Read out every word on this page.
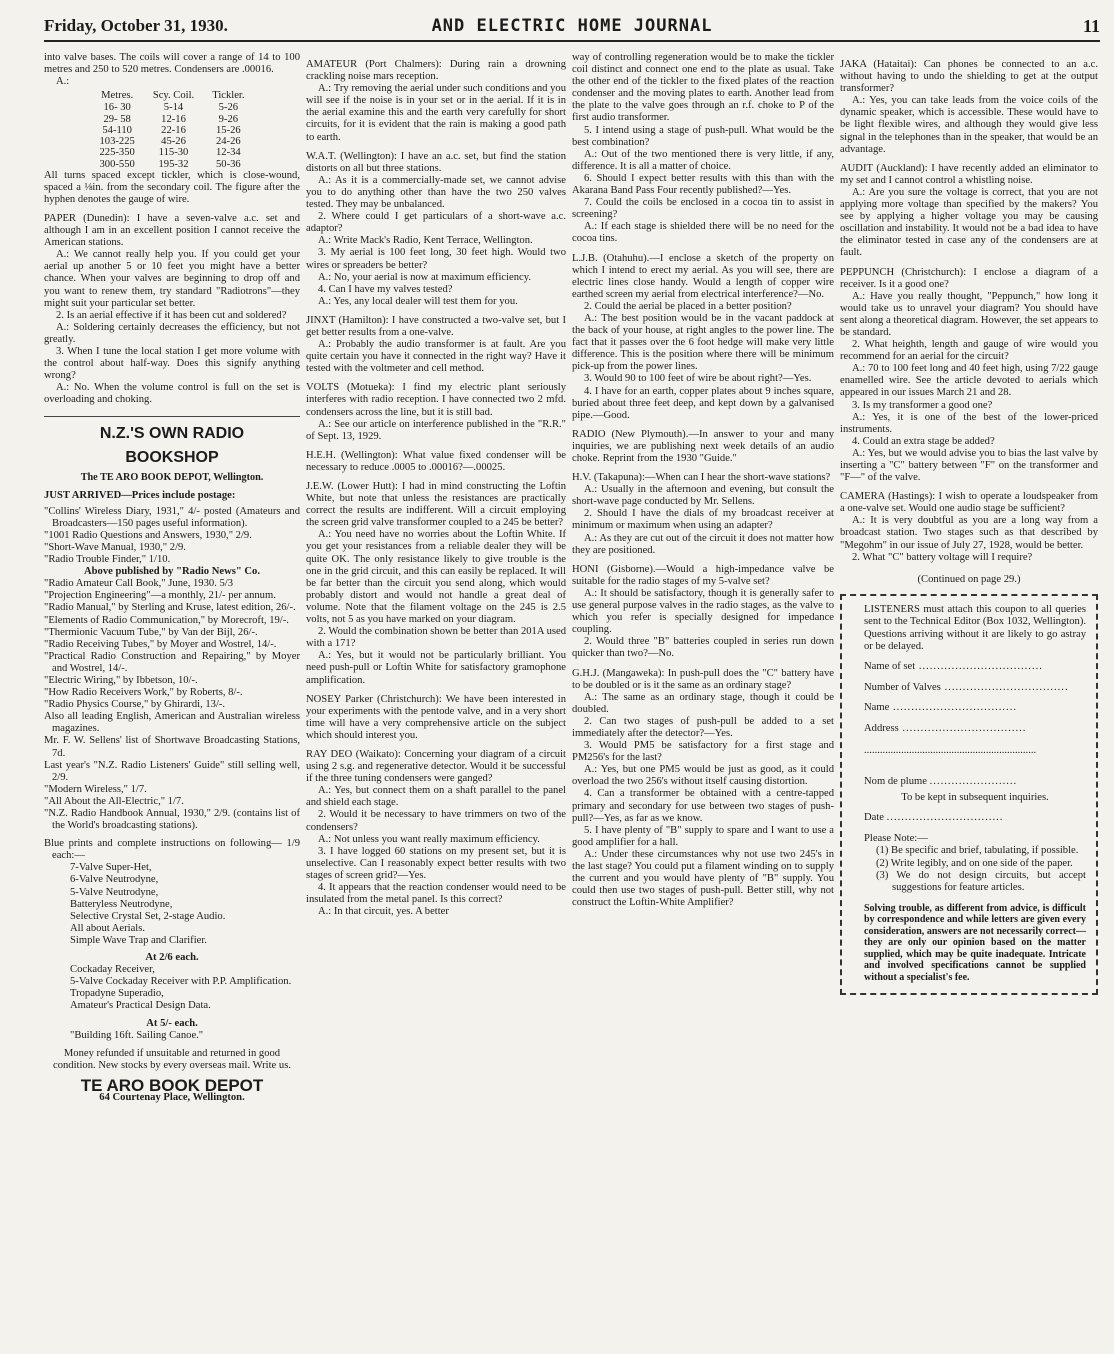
Friday, October 31, 1930.	AND ELECTRIC HOME JOURNAL	11

into valve bases. The coils will cover a range of 14 to 100 metres and 250 to 520 metres. Condensers are .00016.

A.:

Metres.	Scy. Coil.	Tickler.
16- 30	5-14	5-26
29- 58	12-16	9-26
54-110	22-16	15-26
103-225	45-26	24-26
225-350	115-30	12-34
300-550	195-32	50-36

All turns spaced except tickler, which is close-wound, spaced a ⅛in. from the secondary coil. The figure after the hyphen denotes the gauge of wire.

PAPER (Dunedin): I have a seven-valve a.c. set and although I am in an excellent position I cannot receive the American stations.

A.: We cannot really help you. If you could get your aerial up another 5 or 10 feet you might have a better chance. When your valves are beginning to drop off and you want to renew them, try standard "Radiotrons"—they might suit your particular set better.

2. Is an aerial effective if it has been cut and soldered?

A.: Soldering certainly decreases the efficiency, but not greatly.

3. When I tune the local station I get more volume with the control about half-way. Does this signify anything wrong?

A.: No. When the volume control is full on the set is overloading and choking.

N.Z.'S OWN RADIO
BOOKSHOP
The TE ARO BOOK DEPOT, Wellington.
JUST ARRIVED—Prices include postage:

"Collins' Wireless Diary, 1931," 4/- posted (Amateurs and Broadcasters—150 pages useful information).

"1001 Radio Questions and Answers, 1930," 2/9.

"Short-Wave Manual, 1930," 2/9.

"Radio Trouble Finder," 1/10.

Above published by "Radio News" Co.

"Radio Amateur Call Book," June, 1930. 5/3

"Projection Engineering"—a monthly, 21/- per annum.

"Radio Manual," by Sterling and Kruse, latest edition, 26/-.

"Elements of Radio Communication," by Morecroft, 19/-.

"Thermionic Vacuum Tube," by Van der Bijl, 26/-.

"Radio Receiving Tubes," by Moyer and Wostrel, 14/-.

"Practical Radio Construction and Repairing," by Moyer and Wostrel, 14/-.

"Electric Wiring," by Ibbetson, 10/-.

"How Radio Receivers Work," by Roberts, 8/-.

"Radio Physics Course," by Ghirardi, 13/-.

Also all leading English, American and Australian wireless magazines.

Mr. F. W. Sellens' list of Shortwave Broadcasting Stations, 7d.

Last year's "N.Z. Radio Listeners' Guide" still selling well, 2/9.

"Modern Wireless," 1/7.

"All About the All-Electric," 1/7.

"N.Z. Radio Handbook Annual, 1930," 2/9. (contains list of the World's broadcasting stations).

Blue prints and complete instructions on following— 1/9 each:—

7-Valve Super-Het,

6-Valve Neutrodyne,

5-Valve Neutrodyne,

Batteryless Neutrodyne,

Selective Crystal Set, 2-stage Audio.

All about Aerials.

Simple Wave Trap and Clarifier.

At 2/6 each.

Cockaday Receiver,

5-Valve Cockaday Receiver with P.P. Amplification.

Tropadyne Superadio,

Amateur's Practical Design Data.

At 5/- each.

"Building 16ft. Sailing Canoe."

Money refunded if unsuitable and returned in good condition. New stocks by every overseas mail. Write us.

TE ARO BOOK DEPOT

64 Courtenay Place, Wellington.

AMATEUR (Port Chalmers): During rain a drowning crackling noise mars reception.

A.: Try removing the aerial under such conditions and you will see if the noise is in your set or in the aerial. If it is in the aerial examine this and the earth very carefully for short circuits, for it is evident that the rain is making a good path to earth.

W.A.T. (Wellington): I have an a.c. set, but find the station distorts on all but three stations.

A.: As it is a commercially-made set, we cannot advise you to do anything other than have the two 250 valves tested. They may be unbalanced.

2. Where could I get particulars of a short-wave a.c. adaptor?

A.: Write Mack's Radio, Kent Terrace, Wellington.

3. My aerial is 100 feet long, 30 feet high. Would two wires or spreaders be better?

A.: No, your aerial is now at maximum efficiency.

4. Can I have my valves tested?

A.: Yes, any local dealer will test them for you.

JINXT (Hamilton): I have constructed a two-valve set, but I get better results from a one-valve.

A.: Probably the audio transformer is at fault. Are you quite certain you have it connected in the right way? Have it tested with the voltmeter and cell method.

VOLTS (Motueka): I find my electric plant seriously interferes with radio reception. I have connected two 2 mfd. condensers across the line, but it is still bad.

A.: See our article on interference published in the "R.R." of Sept. 13, 1929.

H.E.H. (Wellington): What value fixed condenser will be necessary to reduce .0005 to .00016?—.00025.

J.E.W. (Lower Hutt): I had in mind constructing the Loftin White, but note that unless the resistances are practically correct the results are indifferent. Will a circuit employing the screen grid valve transformer coupled to a 245 be better?

A.: You need have no worries about the Loftin White. If you get your resistances from a reliable dealer they will be quite OK. The only resistance likely to give trouble is the one in the grid circuit, and this can easily be replaced. It will be far better than the circuit you send along, which would probably distort and would not handle a great deal of volume. Note that the filament voltage on the 245 is 2.5 volts, not 5 as you have marked on your diagram.

2. Would the combination shown be better than 201A used with a 171?

A.: Yes, but it would not be particularly brilliant. You need push-pull or Loftin White for satisfactory gramophone amplification.

NOSEY Parker (Christchurch): We have been interested in your experiments with the pentode valve, and in a very short time will have a very comprehensive article on the subject which should interest you.

RAY DEO (Waikato): Concerning your diagram of a circuit using 2 s.g. and regenerative detector. Would it be successful if the three tuning condensers were ganged?

A.: Yes, but connect them on a shaft parallel to the panel and shield each stage.

2. Would it be necessary to have trimmers on two of the condensers?

A.: Not unless you want really maximum efficiency.

3. I have logged 60 stations on my present set, but it is unselective. Can I reasonably expect better results with two stages of screen grid?—Yes.

4. It appears that the reaction condenser would need to be insulated from the metal panel. Is this correct?

A.: In that circuit, yes. A better

way of controlling regeneration would be to make the tickler coil distinct and connect one end to the plate as usual. Take the other end of the tickler to the fixed plates of the reaction condenser and the moving plates to earth. Another lead from the plate to the valve goes through an r.f. choke to P of the first audio transformer.

5. I intend using a stage of push-pull. What would be the best combination?

A.: Out of the two mentioned there is very little, if any, difference. It is all a matter of choice.

6. Should I expect better results with this than with the Akarana Band Pass Four recently published?—Yes.

7. Could the coils be enclosed in a cocoa tin to assist in screening?

A.: If each stage is shielded there will be no need for the cocoa tins.

L.J.B. (Otahuhu).—I enclose a sketch of the property on which I intend to erect my aerial. As you will see, there are electric lines close handy. Would a length of copper wire earthed screen my aerial from electrical interference?—No.

2. Could the aerial be placed in a better position?

A.: The best position would be in the vacant paddock at the back of your house, at right angles to the power line. The fact that it passes over the 6 foot hedge will make very little difference. This is the position where there will be minimum pick-up from the power lines.

3. Would 90 to 100 feet of wire be about right?—Yes.

4. I have for an earth, copper plates about 9 inches square, buried about three feet deep, and kept down by a galvanised pipe.—Good.

RADIO (New Plymouth).—In answer to your and many inquiries, we are publishing next week details of an audio choke. Reprint from the 1930 "Guide."

H.V. (Takapuna):—When can I hear the short-wave stations?

A.: Usually in the afternoon and evening, but consult the short-wave page conducted by Mr. Sellens.

2. Should I have the dials of my broadcast receiver at minimum or maximum when using an adapter?

A.: As they are cut out of the circuit it does not matter how they are positioned.

HONI (Gisborne).—Would a high-impedance valve be suitable for the radio stages of my 5-valve set?

A.: It should be satisfactory, though it is generally safer to use general purpose valves in the radio stages, as the valve to which you refer is specially designed for impedance coupling.

2. Would three "B" batteries coupled in series run down quicker than two?—No.

G.H.J. (Mangaweka): In push-pull does the "C" battery have to be doubled or is it the same as an ordinary stage?

A.: The same as an ordinary stage, though it could be doubled.

2. Can two stages of push-pull be added to a set immediately after the detector?—Yes.

3. Would PM5 be satisfactory for a first stage and PM256's for the last?

A.: Yes, but one PM5 would be just as good, as it could overload the two 256's without itself causing distortion.

4. Can a transformer be obtained with a centre-tapped primary and secondary for use between two stages of push-pull?—Yes, as far as we know.

5. I have plenty of "B" supply to spare and I want to use a good amplifier for a hall.

A.: Under these circumstances why not use two 245's in the last stage? You could put a filament winding on to supply the current and you would have plenty of "B" supply. You could then use two stages of push-pull. Better still, why not construct the Loftin-White Amplifier?

JAKA (Hataitai): Can phones be connected to an a.c. without having to undo the shielding to get at the output transformer?

A.: Yes, you can take leads from the voice coils of the dynamic speaker, which is accessible. These would have to be light flexible wires, and although they would give less signal in the telephones than in the speaker, that would be an advantage.

AUDIT (Auckland): I have recently added an eliminator to my set and I cannot control a whistling noise.

A.: Are you sure the voltage is correct, that you are not applying more voltage than specified by the makers? You see by applying a higher voltage you may be causing oscillation and instability. It would not be a bad idea to have the eliminator tested in case any of the condensers are at fault.

PEPPUNCH (Christchurch): I enclose a diagram of a receiver. Is it a good one?

A.: Have you really thought, "Peppunch," how long it would take us to unravel your diagram? You should have sent along a theoretical diagram. However, the set appears to be standard.

2. What heighth, length and gauge of wire would you recommend for an aerial for the circuit?

A.: 70 to 100 feet long and 40 feet high, using 7/22 gauge enamelled wire. See the article devoted to aerials which appeared in our issues March 21 and 28.

3. Is my transformer a good one?

A.: Yes, it is one of the best of the lower-priced instruments.

4. Could an extra stage be added?

A.: Yes, but we would advise you to bias the last valve by inserting a "C" battery between "F" on the transformer and "F—" of the valve.

CAMERA (Hastings): I wish to operate a loudspeaker from a one-valve set. Would one audio stage be sufficient?

A.: It is very doubtful as you are a long way from a broadcast station. Two stages such as that described by "Megohm" in our issue of July 27, 1928, would be better.

2. What "C" battery voltage will I require?

(Continued on page 29.)

LISTENERS must attach this coupon to all queries sent to the Technical Editor (Box 1032, Wellington). Questions arriving without it are likely to go astray or be delayed.

Name of set ..................................
Number of Valves ..................................
Name ..................................
Address ..................................
.................................................................
Nom de plume ........................

To be kept in subsequent inquiries.

Date ................................

Please Note:—

(1) Be specific and brief, tabulating, if possible.

(2) Write legibly, and on one side of the paper.

(3) We do not design circuits, but accept suggestions for feature articles.

Solving trouble, as different from advice, is difficult by correspondence and while letters are given every consideration, answers are not necessarily correct—they are only our opinion based on the matter supplied, which may be quite inadequate. Intricate and involved specifications cannot be supplied without a specialist's fee.
